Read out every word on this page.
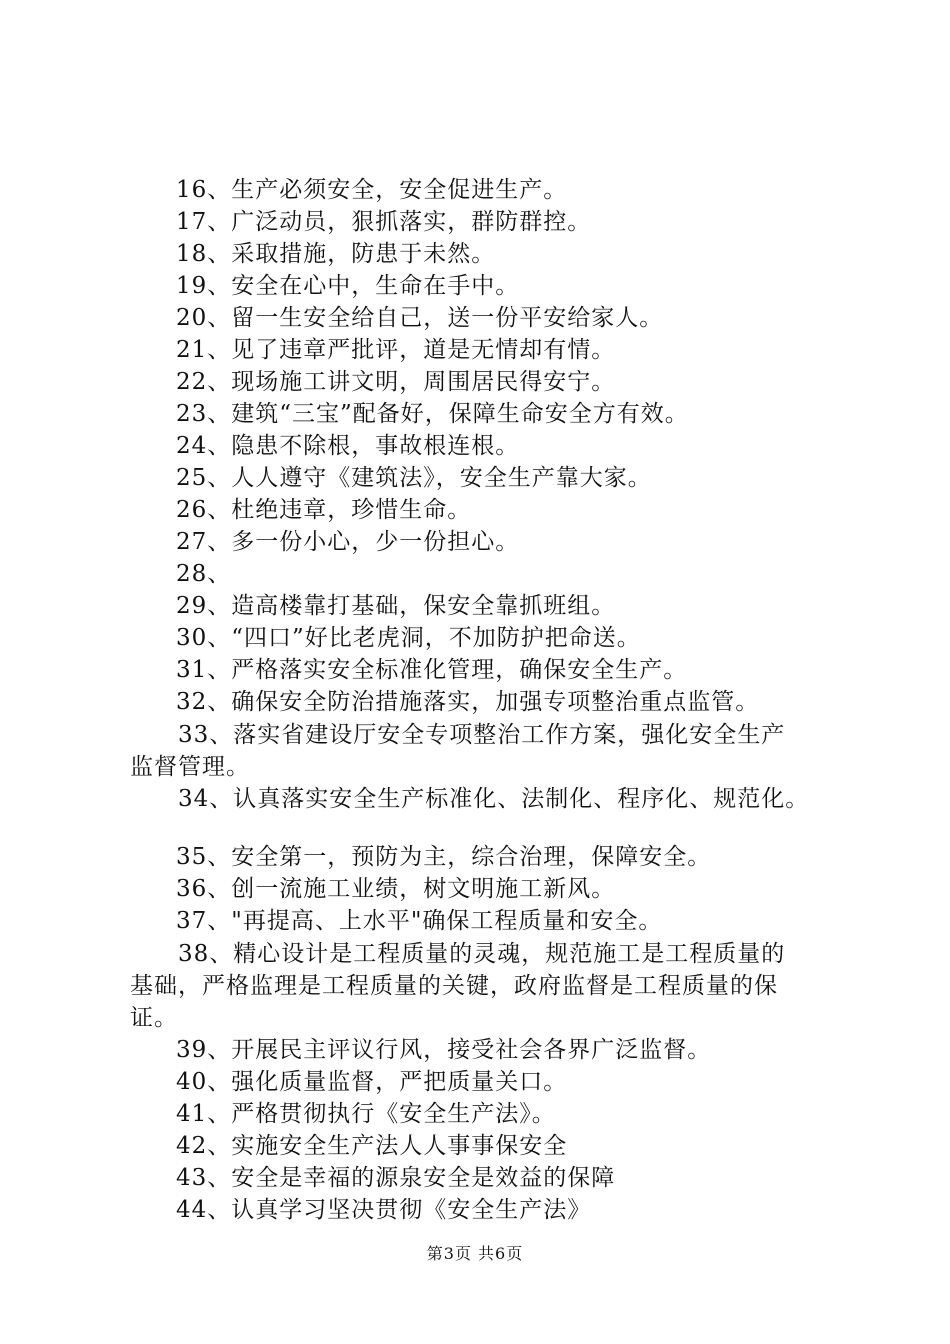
16、生产必须安全，安全促进生产。
17、广泛动员，狠抓落实，群防群控。
18、采取措施，防患于未然。
19、安全在心中，生命在手中。
20、留一生安全给自己，送一份平安给家人。
21、见了违章严批评，道是无情却有情。
22、现场施工讲文明，周围居民得安宁。
23、建筑“三宝”配备好，保障生命安全方有效。
24、隐患不除根，事故根连根。
25、人人遵守《建筑法》，安全生产靠大家。
26、杜绝违章，珍惜生命。
27、多一份小心，少一份担心。
28、
29、造高楼靠打基础，保安全靠抓班组。
30、“四口”好比老虎洞，不加防护把命送。
31、严格落实安全标准化管理，确保安全生产。
32、确保安全防治措施落实，加强专项整治重点监管。
33、落实省建设厅安全专项整治工作方案，强化安全生产
监督管理。
34、认真落实安全生产标准化、法制化、程序化、规范化。
35、安全第一，预防为主，综合治理，保障安全。
36、创一流施工业绩，树文明施工新风。
37、"再提高、上水平"确保工程质量和安全。
38、精心设计是工程质量的灵魂，规范施工是工程质量的
基础，严格监理是工程质量的关键，政府监督是工程质量的保
证。
39、开展民主评议行风，接受社会各界广泛监督。
40、强化质量监督，严把质量关口。
41、严格贯彻执行《安全生产法》。
42、实施安全生产法人人事事保安全
43、安全是幸福的源泉安全是效益的保障
44、认真学习坚决贯彻《安全生产法》
第3页 共6页
